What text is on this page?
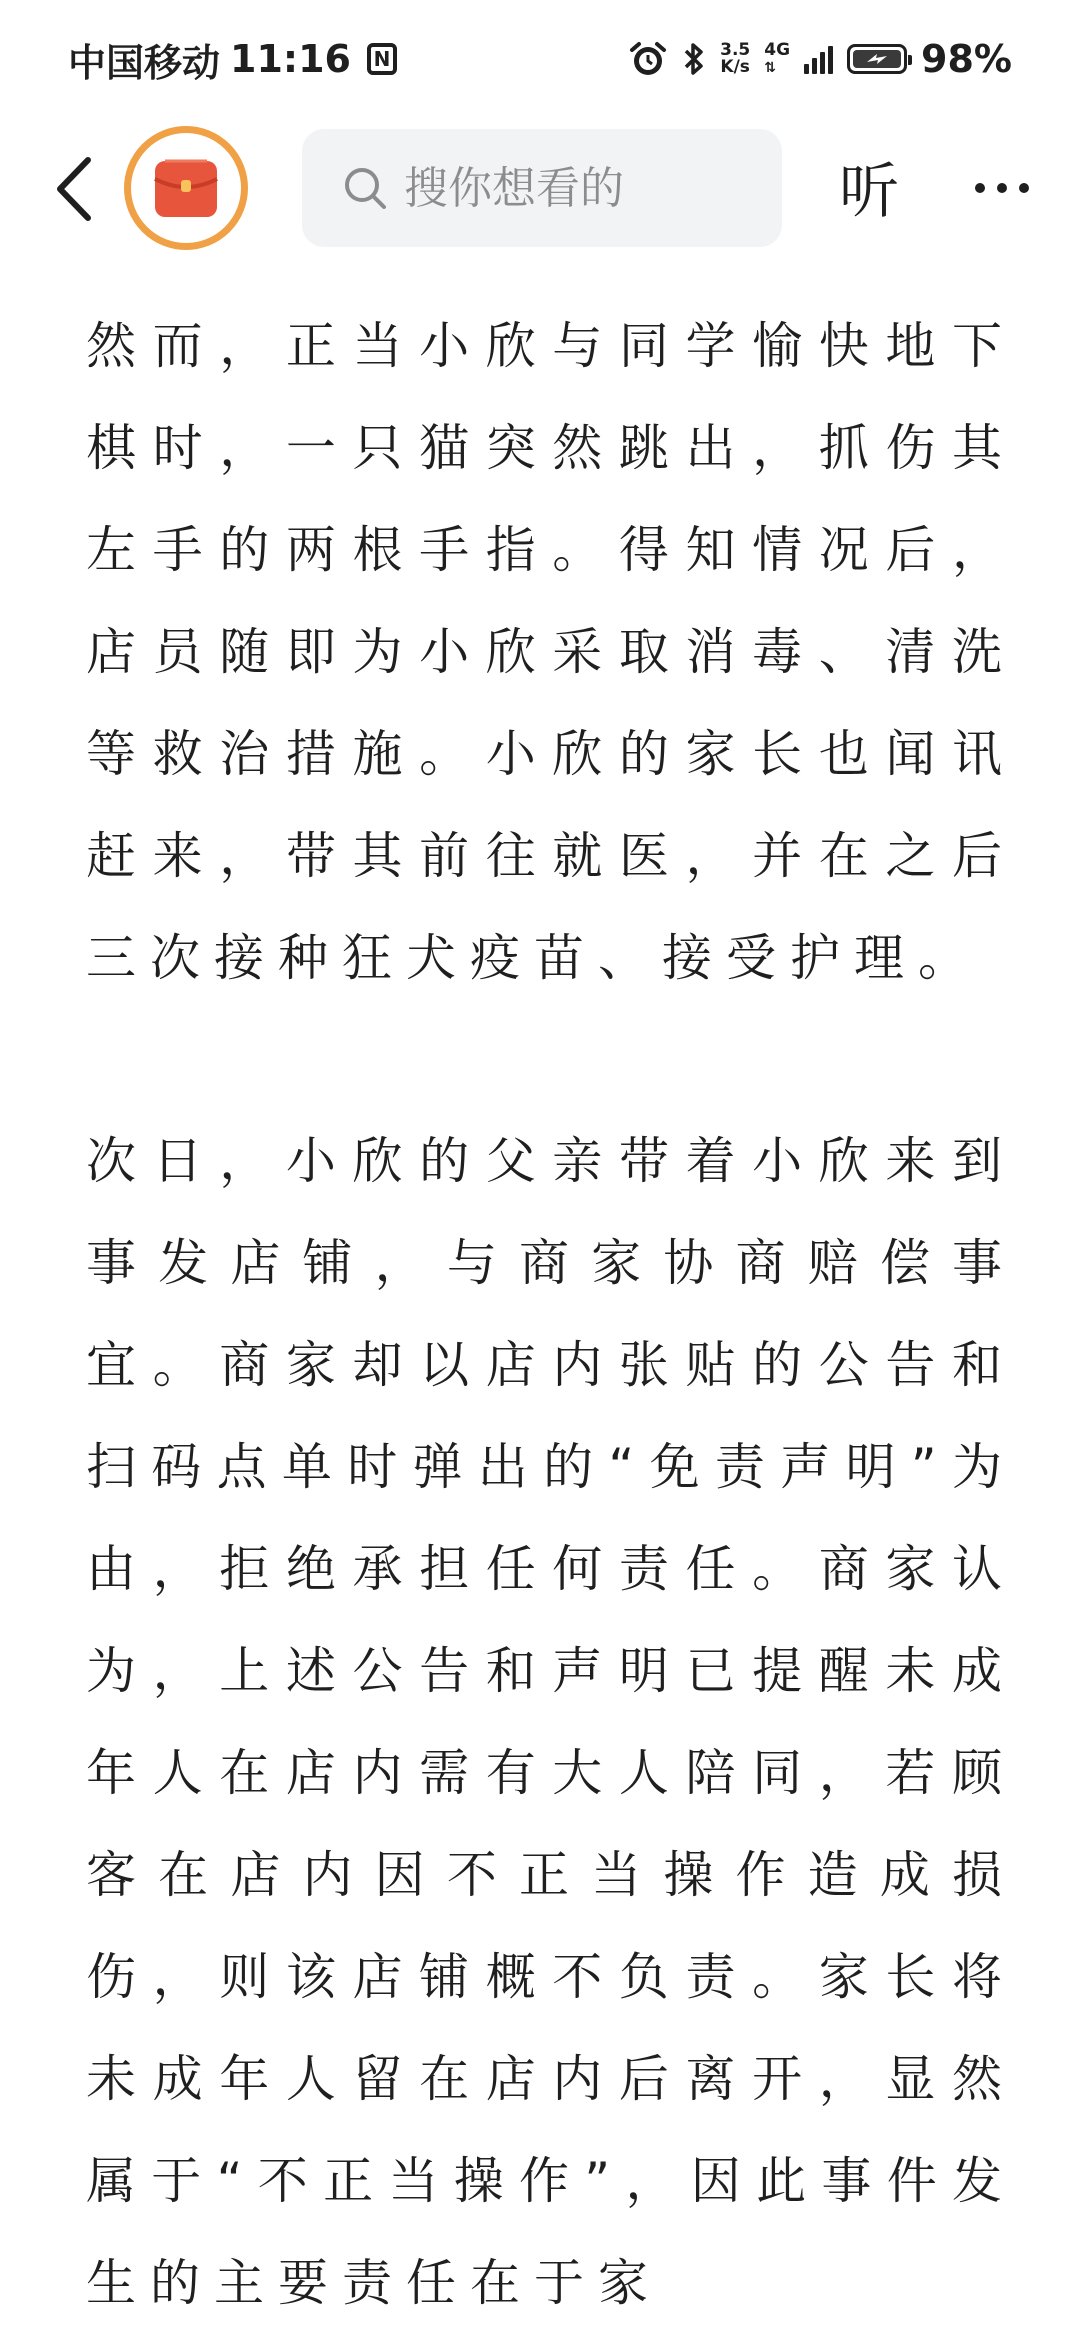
中国移动 11:16	N	3.5
K/s
4G
⇅	98%
搜你想看的
听

然而，正当小欣与同学愉快地下棋时，一只猫突然跳出，抓伤其左手的两根手指。得知情况后，店员随即为小欣采取消毒、清洗等救治措施。小欣的家长也闻讯赶来，带其前往就医，并在之后三次接种狂犬疫苗、接受护理。

次日，小欣的父亲带着小欣来到事发店铺，与商家协商赔偿事宜。商家却以店内张贴的公告和扫码点单时弹出的“免责声明”为由，拒绝承担任何责任。商家认为，上述公告和声明已提醒未成年人在店内需有大人陪同，若顾客在店内因不正当操作造成损伤，则该店铺概不负责。家长将未成年人留在店内后离开，显然属于“不正当操作”，因此事件发生的主要责任在于家
